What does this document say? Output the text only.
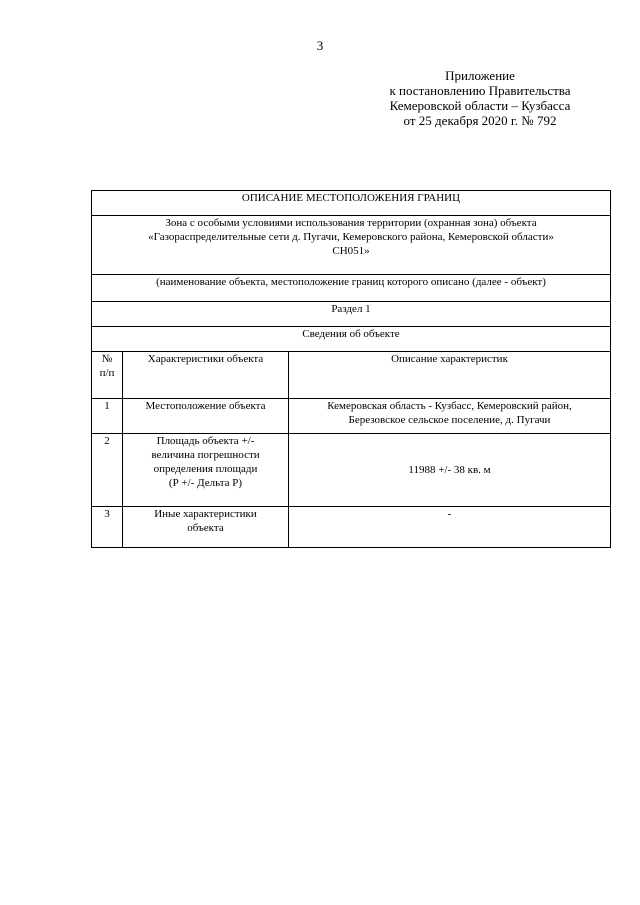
3
Приложение
к постановлению Правительства
Кемеровской области – Кузбасса
от 25 декабря 2020 г. № 792
ОПИСАНИЕ МЕСТОПОЛОЖЕНИЯ ГРАНИЦ		

Зона с особыми условиями использования территории (охранная зона) объекта
«Газораспределительные сети д. Пугачи, Кемеровского района, Кемеровской области»
СН051»		

(наименование объекта, местоположение границ которого описано (далее - объект)		
Раздел 1		
Сведения об объекте		

№
п/п	Характеристики объекта	Описание характеристик
1	Местоположение объекта	Кемеровская область - Кузбасс, Кемеровский район,
Березовское сельское поселение, д. Пугачи

2	Площадь объекта +/-
величина погрешности
определения площади
(Р +/- Дельта Р)	11988 +/- 38 кв. м
3	Иные характеристики
объекта	-
